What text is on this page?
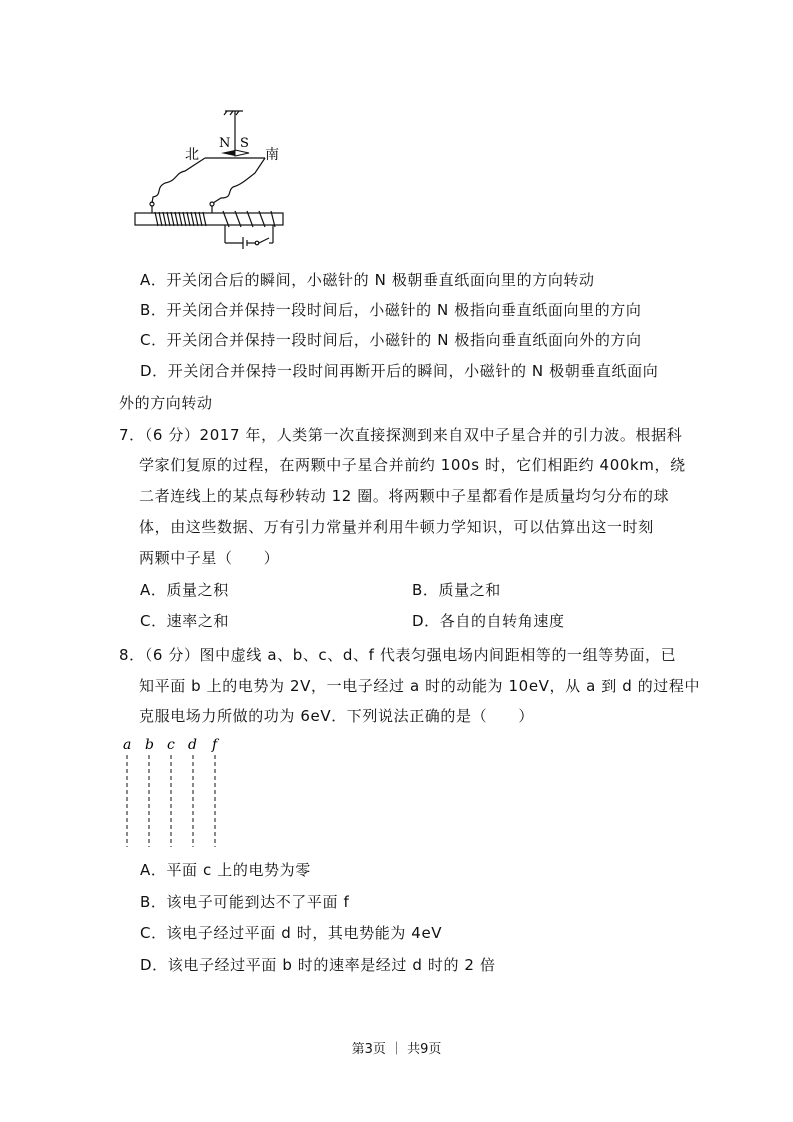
N S
北	南
A．开关闭合后的瞬间，小磁针的 N 极朝垂直纸面向里的方向转动
B．开关闭合并保持一段时间后，小磁针的 N 极指向垂直纸面向里的方向
C．开关闭合并保持一段时间后，小磁针的 N 极指向垂直纸面向外的方向
D．开关闭合并保持一段时间再断开后的瞬间，小磁针的 N 极朝垂直纸面向
外的方向转动
7．（6 分）2017 年，人类第一次直接探测到来自双中子星合并的引力波。根据科
学家们复原的过程，在两颗中子星合并前约 100s 时，它们相距约 400km，绕
二者连线上的某点每秒转动 12 圈。将两颗中子星都看作是质量均匀分布的球
体，由这些数据、万有引力常量并利用牛顿力学知识，可以估算出这一时刻
两颗中子星（　　）
A．质量之积	B．质量之和
C．速率之和	D．各自的自转角速度
8．（6 分）图中虚线 a、b、c、d、f 代表匀强电场内间距相等的一组等势面，已
知平面 b 上的电势为 2V，一电子经过 a 时的动能为 10eV，从 a 到 d 的过程中
克服电场力所做的功为 6eV．下列说法正确的是（　　）
a b c d f
A．平面 c 上的电势为零
B．该电子可能到达不了平面 f
C．该电子经过平面 d 时，其电势能为 4eV
D．该电子经过平面 b 时的速率是经过 d 时的 2 倍
第3页 ｜ 共9页
